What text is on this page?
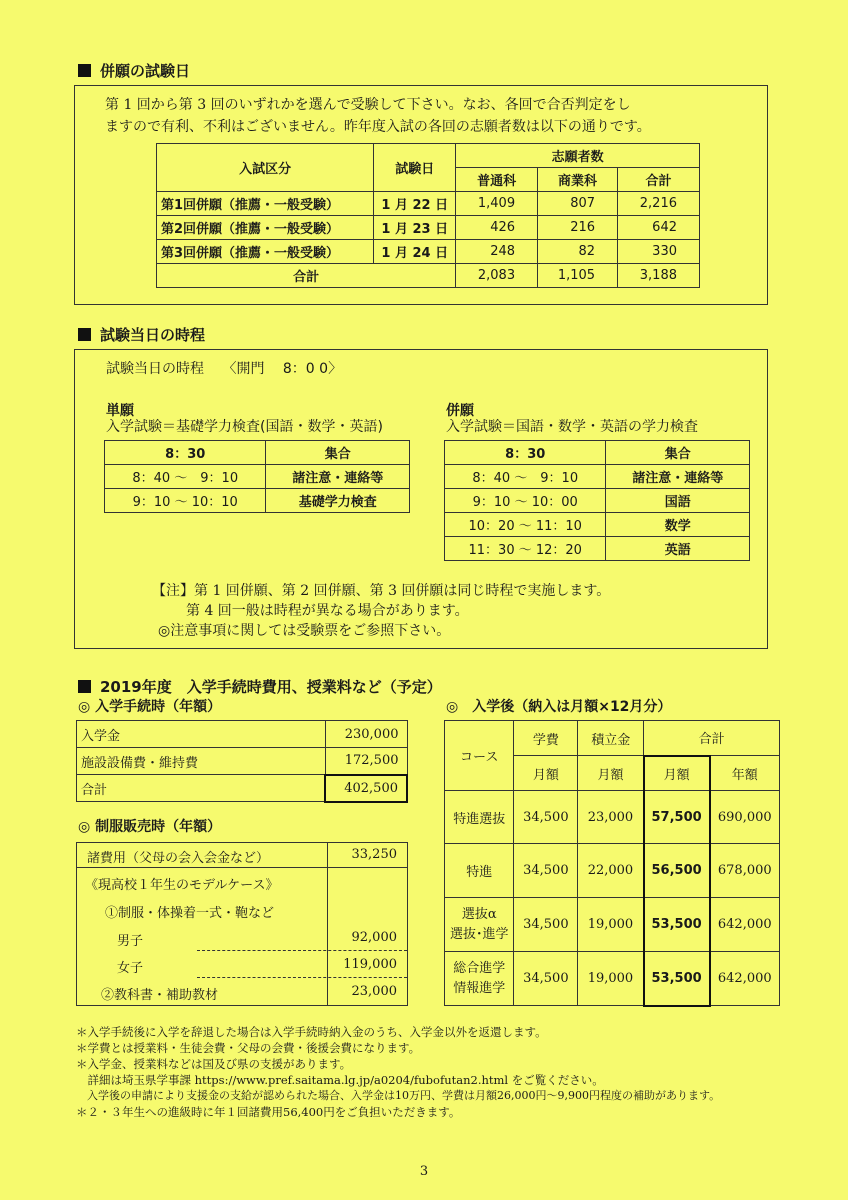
併願の試験日
第 1 回から第 3 回のいずれかを選んで受験して下さい。なお、各回で合否判定をし
ますので有利、不利はございません。昨年度入試の各回の志願者数は以下の通りです。
入試区分	試験日	志願者数		
		普通科	商業科	合計
第1回併願（推薦・一般受験）	1 月 22 日	1,409	807	2,216
第2回併願（推薦・一般受験）	1 月 23 日	426	216	642
第3回併願（推薦・一般受験）	1 月 24 日	248	82	330
合計		2,083	1,105	3,188
試験当日の時程
試験当日の時程　 〈開門　 8：0 0〉
単願
入学試験＝基礎学力検査(国語・数学・英語)
8：30	集合
8：40 ～　9：10	諸注意・連絡等
9：10 ～ 10：10	基礎学力検査
併願
入学試験＝国語・数学・英語の学力検査
8：30	集合
8：40 ～　9：10	諸注意・連絡等
9：10 ～ 10：00	国語
10：20 ～ 11：10	数学
11：30 ～ 12：20	英語
【注】第 1 回併願、第 2 回併願、第 3 回併願は同じ時程で実施します。
第 4 回一般は時程が異なる場合があります。
◎注意事項に関しては受験票をご参照下さい。
2019年度　入学手続時費用、授業料など（予定）
◎ 入学手続時（年額）
入学金	230,000
施設設備費・維持費	172,500
合計	402,500
◎ 制服販売時（年額）
諸費用（父母の会入会金など）	33,250
《現高校１年生のモデルケース》
①制服・体操着一式・鞄など
男子	92,000
女子	119,000
②教科書・補助教材	23,000
◎　入学後（納入は月額×12月分）
コース	学費	積立金	合計	
	月額	月額	月額	年額
特進選抜	34,500	23,000	57,500	690,000
特進	34,500	22,000	56,500	678,000
選抜α
選抜･進学	34,500	19,000	53,500	642,000
総合進学
情報進学	34,500	19,000	53,500	642,000
＊入学手続後に入学を辞退した場合は入学手続時納入金のうち、入学金以外を返還します。
＊学費とは授業料・生徒会費・父母の会費・後援会費になります。
＊入学金、授業料などは国及び県の支援があります。
　詳細は埼玉県学事課 https://www.pref.saitama.lg.jp/a0204/fubofutan2.html をご覧ください。
　入学後の申請により支援金の支給が認められた場合、入学金は10万円、学費は月額26,000円～9,900円程度の補助があります。
＊２・３年生への進級時に年１回諸費用56,400円をご負担いただきます。
3
